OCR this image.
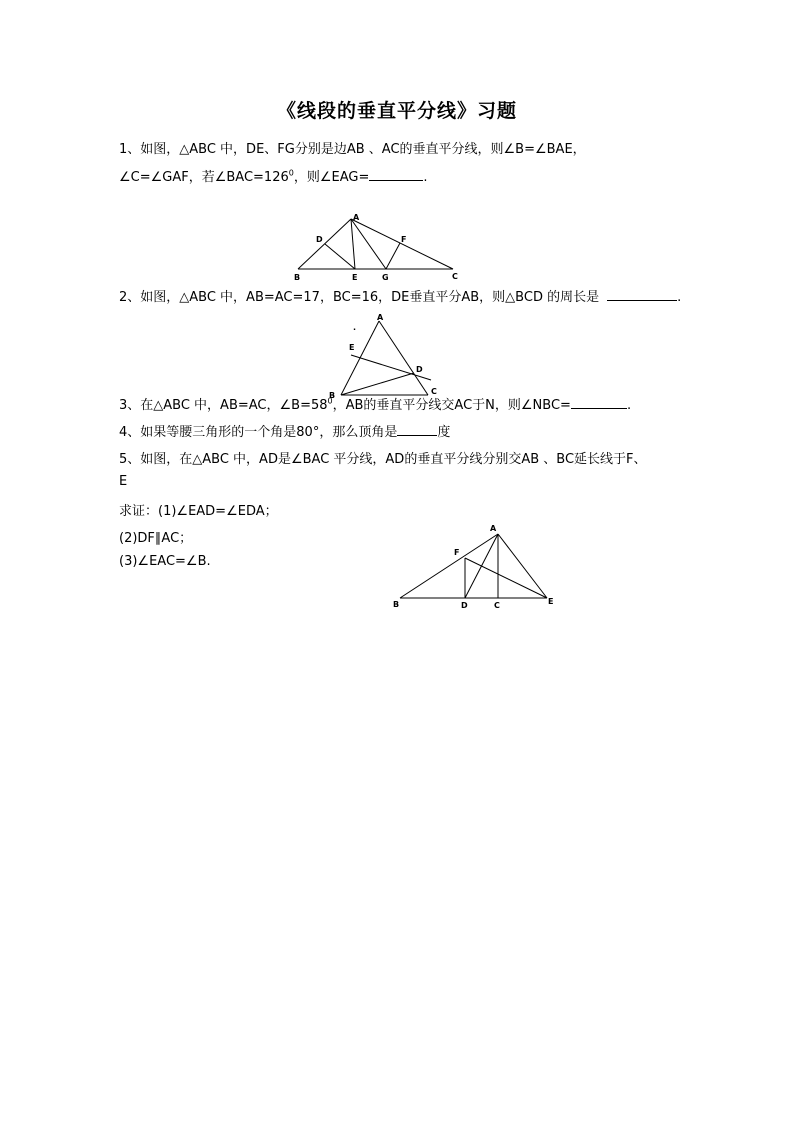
《线段的垂直平分线》习题
1、如图，△ABC 中，DE、FG分别是边AB 、AC的垂直平分线，则∠B=∠BAE，
∠C=∠GAF，若$\angle BAC=126^0$，则∠EAG=	.
A
B	C
D
E
F
G
2、如图，△ABC 中，AB=AC=17，BC=16，DE垂直平分AB，则△BCD 的周长是	.
.
A
B	C
D
E
3、在△ABC 中，AB=AC，$\angle B=58^0$，AB的垂直平分线交AC于N，则∠NBC=	.
4、如果等腰三角形的一个角是80°，那么顶角是	度
5、如图，在△ABC 中，AD是∠BAC 平分线，AD的垂直平分线分别交AB 、BC延长线于F、
E
求证：(1)∠EAD=∠EDA；
(2)DF∥AC；
(3)∠EAC=∠B.
A
B	C
D	E
F
